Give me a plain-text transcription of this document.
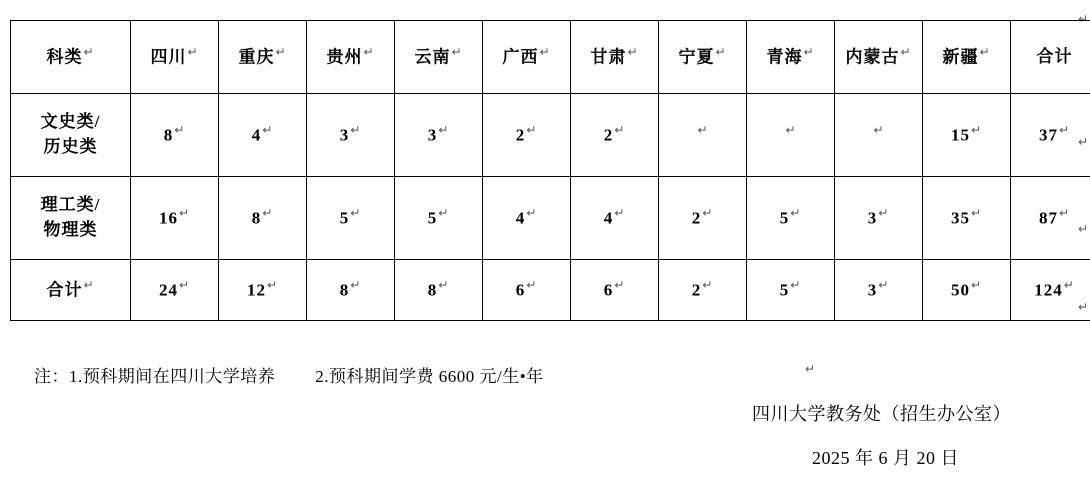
↵
↵
↵
↵
科类↵	四川↵	重庆↵	贵州↵	云南↵	广西↵	甘肃↵	宁夏↵	青海↵	内蒙古↵	新疆↵	合计

文史类/
历史类	8↵	4↵	3↵	3↵	2↵	2↵	↵	↵	↵	15↵	37↵

理工类/
物理类	16↵	8↵	5↵	5↵	4↵	4↵	2↵	5↵	3↵	35↵	87↵

合计↵	24↵	12↵	8↵	8↵	6↵	6↵	2↵	5↵	3↵	50↵	124↵
注：1.预科期间在四川大学培养 2.预科期间学费 6600 元/生•年	↵
四川大学教务处（招生办公室）
2025 年 6 月 20 日
